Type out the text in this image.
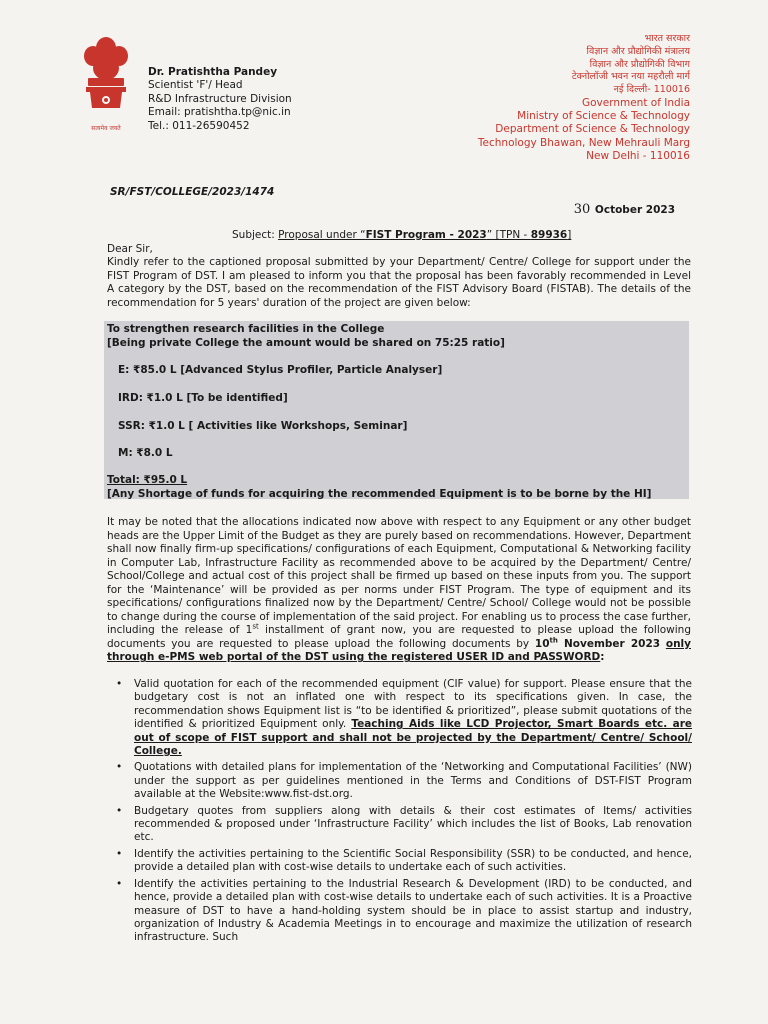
सत्यमेव जयते
Dr. Pratishtha Pandey
Scientist 'F'/ Head
R&D Infrastructure Division
Email: pratishtha.tp@nic.in
Tel.: 011-26590452
भारत सरकार
विज्ञान और प्रौद्योगिकी मंत्रालय
विज्ञान और प्रौद्योगिकी विभाग
टेक्नोलॉजी भवन नया महरौली मार्ग
नई दिल्ली- 110016
Government of India
Ministry of Science & Technology
Department of Science & Technology
Technology Bhawan, New Mehrauli Marg
New Delhi - 110016
SR/FST/COLLEGE/2023/1474
30 October 2023
Subject: Proposal under “FIST Program - 2023” [TPN - 89936]
Dear Sir,
Kindly refer to the captioned proposal submitted by your Department/ Centre/ College for support under the FIST Program of DST. I am pleased to inform you that the proposal has been favorably recommended in Level A category by the DST, based on the recommendation of the FIST Advisory Board (FISTAB). The details of the recommendation for 5 years' duration of the project are given below:
To strengthen research facilities in the College
[Being private College the amount would be shared on 75:25 ratio]
E: ₹85.0 L [Advanced Stylus Profiler, Particle Analyser]
IRD: ₹1.0 L [To be identified]
SSR: ₹1.0 L [ Activities like Workshops, Seminar]
M: ₹8.0 L
Total: ₹95.0 L
[Any Shortage of funds for acquiring the recommended Equipment is to be borne by the HI]
It may be noted that the allocations indicated now above with respect to any Equipment or any other budget heads are the Upper Limit of the Budget as they are purely based on recommendations. However, Department shall now finally firm-up specifications/ configurations of each Equipment, Computational & Networking facility in Computer Lab, Infrastructure Facility as recommended above to be acquired by the Department/ Centre/ School/College and actual cost of this project shall be firmed up based on these inputs from you. The support for the ‘Maintenance’ will be provided as per norms under FIST Program. The type of equipment and its specifications/ configurations finalized now by the Department/ Centre/ School/ College would not be possible to change during the course of implementation of the said project. For enabling us to process the case further, including the release of 1st installment of grant now, you are requested to please upload the following documents you are requested to please upload the following documents by 10th November 2023 only through e-PMS web portal of the DST using the registered USER ID and PASSWORD:
• Valid quotation for each of the recommended equipment (CIF value) for support. Please ensure that the budgetary cost is not an inflated one with respect to its specifications given. In case, the recommendation shows Equipment list is “to be identified & prioritized”, please submit quotations of the identified & prioritized Equipment only. Teaching Aids like LCD Projector, Smart Boards etc. are out of scope of FIST support and shall not be projected by the Department/ Centre/ School/ College.
• Quotations with detailed plans for implementation of the ‘Networking and Computational Facilities’ (NW) under the support as per guidelines mentioned in the Terms and Conditions of DST-FIST Program available at the Website:www.fist-dst.org.
• Budgetary quotes from suppliers along with details & their cost estimates of Items/ activities recommended & proposed under ‘Infrastructure Facility’ which includes the list of Books, Lab renovation etc.
• Identify the activities pertaining to the Scientific Social Responsibility (SSR) to be conducted, and hence, provide a detailed plan with cost-wise details to undertake each of such activities.
• Identify the activities pertaining to the Industrial Research & Development (IRD) to be conducted, and hence, provide a detailed plan with cost-wise details to undertake each of such activities. It is a Proactive measure of DST to have a hand-holding system should be in place to assist startup and industry, organization of Industry & Academia Meetings in to encourage and maximize the utilization of research infrastructure. Such
